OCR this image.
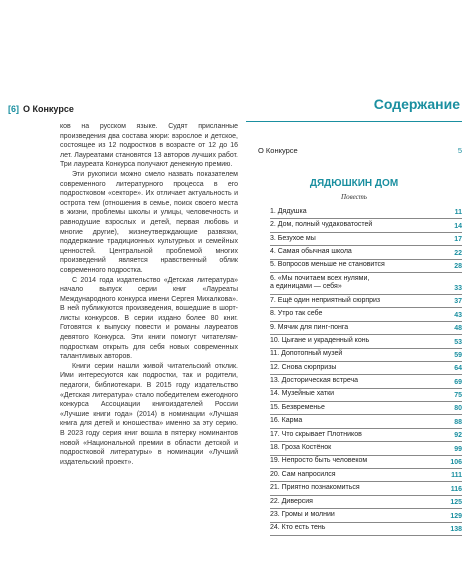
[6] О Конкурсе

ков на русском языке. Судят присланные произведения два состава жюри: взрослое и детское, состоящее из 12 подростков в возрасте от 12 до 16 лет. Лауреатами становятся 13 авторов лучших работ. Три лауреата Конкурса получают денежную премию.

Эти рукописи можно смело назвать показателем современного литературного процесса в его подростковом «секторе». Их отличает актуальность и острота тем (отношения в семье, поиск своего места в жизни, проблемы школы и улицы, человечность и равнодушие взрослых и детей, первая любовь и многие другие), жизнеутверждающие развязки, поддержание традиционных культурных и семейных ценностей. Центральной проблемой многих произведений является нравственный облик современного подростка.

С 2014 года издательство «Детская литература» начало выпуск серии книг «Лауреаты Международного конкурса имени Сергея Михалкова». В ней публикуются произведения, вошедшие в шорт-листы конкурсов. В серии издано более 80 книг. Готовятся к выпуску повести и романы лауреатов девятого Конкурса. Эти книги помогут читателям-подросткам открыть для себя новых современных талантливых авторов.

Книги серии нашли живой читательский отклик. Ими интересуются как подростки, так и родители, педагоги, библиотекари. В 2015 году издательство «Детская литература» стало победителем ежегодного конкурса Ассоциации книгоиздателей России «Лучшие книги года» (2014) в номинации «Лучшая книга для детей и юношества» именно за эту серию. В 2023 году серия книг вошла в пятерку номинантов новой «Национальной премии в области детской и подростковой литературы» в номинации «Лучший издательский проект».

Содержание
О Конкурсе	5
ДЯДЮШКИН ДОМ
Повесть
1. Дядушка	11
2. Дом, полный чудаковатостей	14
3. Безухое мы	17
4. Самая обычная школа	22
5. Вопросов меньше не становится	28
6. «Мы почитаем всех нулями,
а единицами — себя»	33
7. Ещё один неприятный сюрприз	37
8. Утро так себе	43
9. Мячик для пинг-понга	48
10. Цыгане и украденный конь	53
11. Допотопный музей	59
12. Снова сюрпризы	64
13. Досторическая встреча	69
14. Музейные хатки	75
15. Безвременье	80
16. Карма	88
17. Что скрывает Плотников	92
18. Гроза Костёнок	99
19. Непросто быть человеком	106
20. Сам напросился	111
21. Приятно познакомиться	116
22. Диверсия	125
23. Громы и молнии	129
24. Кто есть тень	138
